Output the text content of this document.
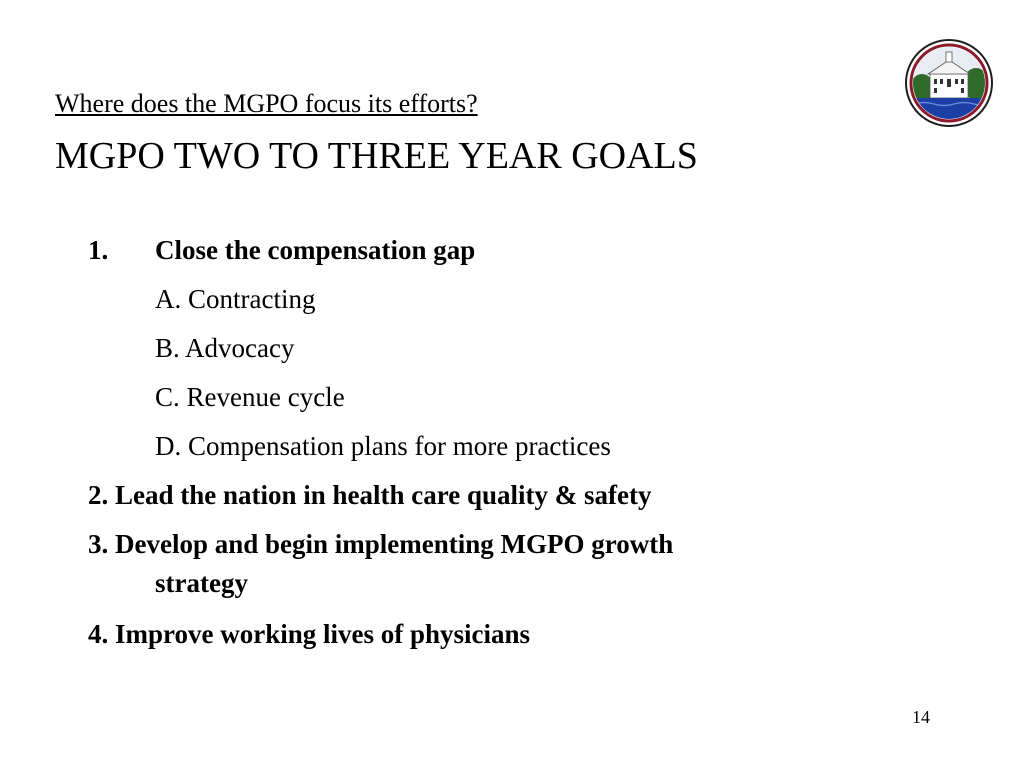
Where does the MGPO focus its efforts?
MGPO TWO TO THREE YEAR GOALS
1. Close the compensation gap
A. Contracting
B. Advocacy
C. Revenue cycle
D. Compensation plans for more practices
2. Lead the nation in health care quality & safety
3. Develop and begin implementing MGPO growth
strategy
4. Improve working lives of physicians
14
